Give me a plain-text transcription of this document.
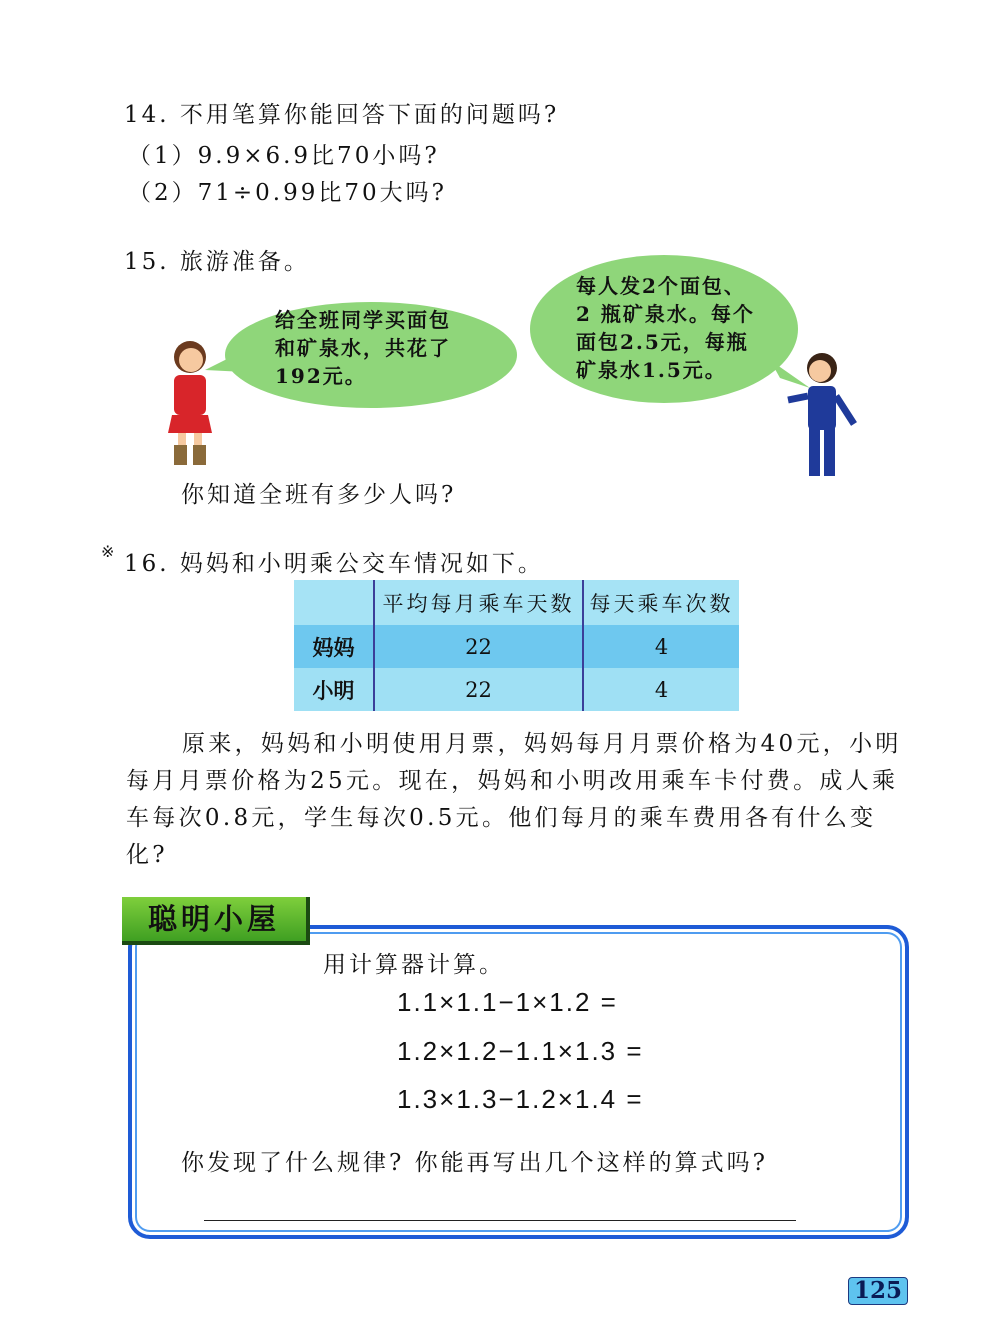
14. 不用笔算你能回答下面的问题吗?
（1）9.9×6.9比70小吗?
（2）71÷0.99比70大吗?
15. 旅游准备。
给全班同学买面包
和矿泉水，共花了
192元。
每人发2个面包、
2 瓶矿泉水。每个
面包2.5元，每瓶
矿泉水1.5元。
你知道全班有多少人吗?
※ 16. 妈妈和小明乘公交车情况如下。
	平均每月乘车天数	每天乘车次数
妈妈	22	4
小明	22	4
原来，妈妈和小明使用月票，妈妈每月月票价格为40元，小明每月月票价格为25元。现在，妈妈和小明改用乘车卡付费。成人乘车每次0.8元，学生每次0.5元。他们每月的乘车费用各有什么变化?
聪明小屋
用计算器计算。
1.1×1.1−1×1.2 =
1.2×1.2−1.1×1.3 =
1.3×1.3−1.2×1.4 =
你发现了什么规律? 你能再写出几个这样的算式吗?
125
